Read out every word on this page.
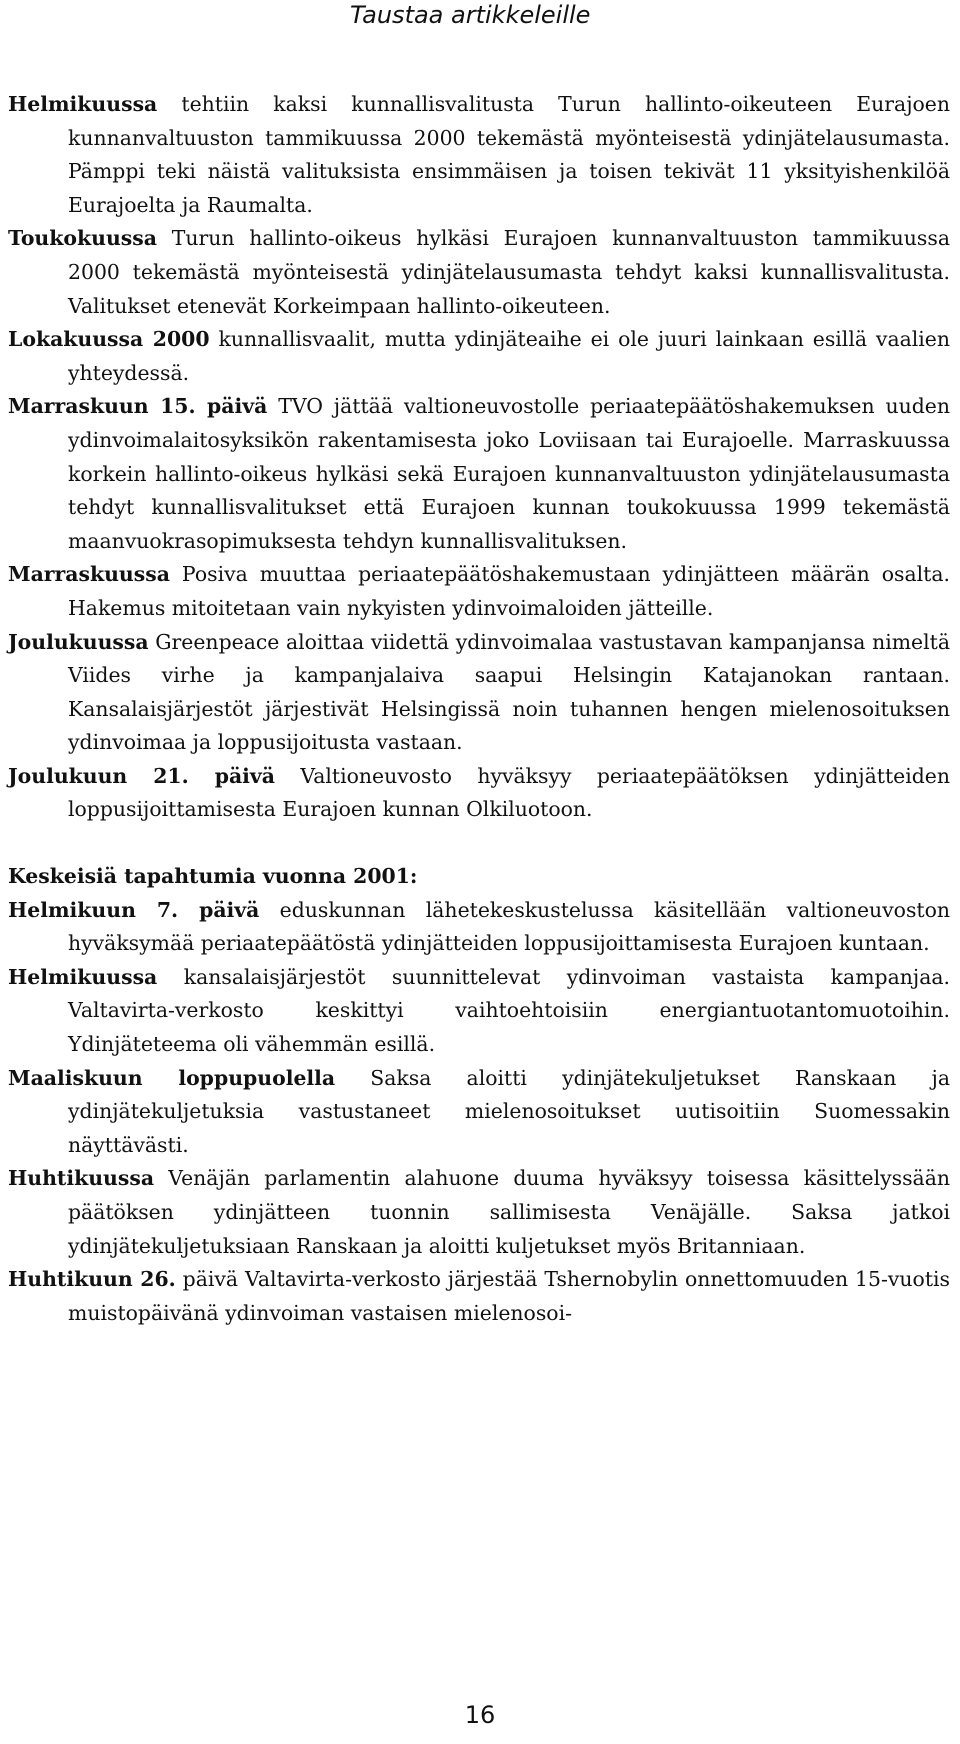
Taustaa artikkeleille

Helmikuussa tehtiin kaksi kunnallisvalitusta Turun hallinto-oikeuteen Eurajoen kunnanvaltuuston tammikuussa 2000 tekemästä myönteisestä ydinjätelausumasta. Pämppi teki näistä valituksista ensimmäisen ja toisen tekivät 11 yksityishenkilöä Eurajoelta ja Raumalta.

Toukokuussa Turun hallinto-oikeus hylkäsi Eurajoen kunnanvaltuuston tammikuussa 2000 tekemästä myönteisestä ydinjätelausumasta tehdyt kaksi kunnallisvalitusta. Valitukset etenevät Korkeimpaan hallinto-oikeuteen.

Lokakuussa 2000 kunnallisvaalit, mutta ydinjäteaihe ei ole juuri lainkaan esillä vaalien yhteydessä.

Marraskuun 15. päivä TVO jättää valtioneuvostolle periaatepäätöshakemuksen uuden ydinvoimalaitosyksikön rakentamisesta joko Loviisaan tai Eurajoelle. Marraskuussa korkein hallinto-oikeus hylkäsi sekä Eurajoen kunnanvaltuuston ydinjätelausumasta tehdyt kunnallisvalitukset että Eurajoen kunnan toukokuussa 1999 tekemästä maanvuokrasopimuksesta tehdyn kunnallisvalituksen.

Marraskuussa Posiva muuttaa periaatepäätöshakemustaan ydinjätteen määrän osalta. Hakemus mitoitetaan vain nykyisten ydinvoimaloiden jätteille.

Joulukuussa Greenpeace aloittaa viidettä ydinvoimalaa vastustavan kampanjansa nimeltä Viides virhe ja kampanjalaiva saapui Helsingin Katajanokan rantaan. Kansalaisjärjestöt järjestivät Helsingissä noin tuhannen hengen mielenosoituksen ydinvoimaa ja loppusijoitusta vastaan.

Joulukuun 21. päivä Valtioneuvosto hyväksyy periaatepäätöksen ydinjätteiden loppusijoittamisesta Eurajoen kunnan Olkiluotoon.

Keskeisiä tapahtumia vuonna 2001:

Helmikuun 7. päivä eduskunnan lähetekeskustelussa käsitellään valtioneuvoston hyväksymää periaatepäätöstä ydinjätteiden loppusijoittamisesta Eurajoen kuntaan.

Helmikuussa kansalaisjärjestöt suunnittelevat ydinvoiman vastaista kampanjaa. Valtavirta-verkosto keskittyi vaihtoehtoisiin energiantuotantomuotoihin. Ydinjäteteema oli vähemmän esillä.

Maaliskuun loppupuolella Saksa aloitti ydinjätekuljetukset Ranskaan ja ydinjätekuljetuksia vastustaneet mielenosoitukset uutisoitiin Suomessakin näyttävästi.

Huhtikuussa Venäjän parlamentin alahuone duuma hyväksyy toisessa käsittelyssään päätöksen ydinjätteen tuonnin sallimisesta Venäjälle. Saksa jatkoi ydinjätekuljetuksiaan Ranskaan ja aloitti kuljetukset myös Britanniaan.

Huhtikuun 26. päivä Valtavirta-verkosto järjestää Tshernobylin onnettomuuden 15-vuotis muistopäivänä ydinvoiman vastaisen mielenosoi-

16
